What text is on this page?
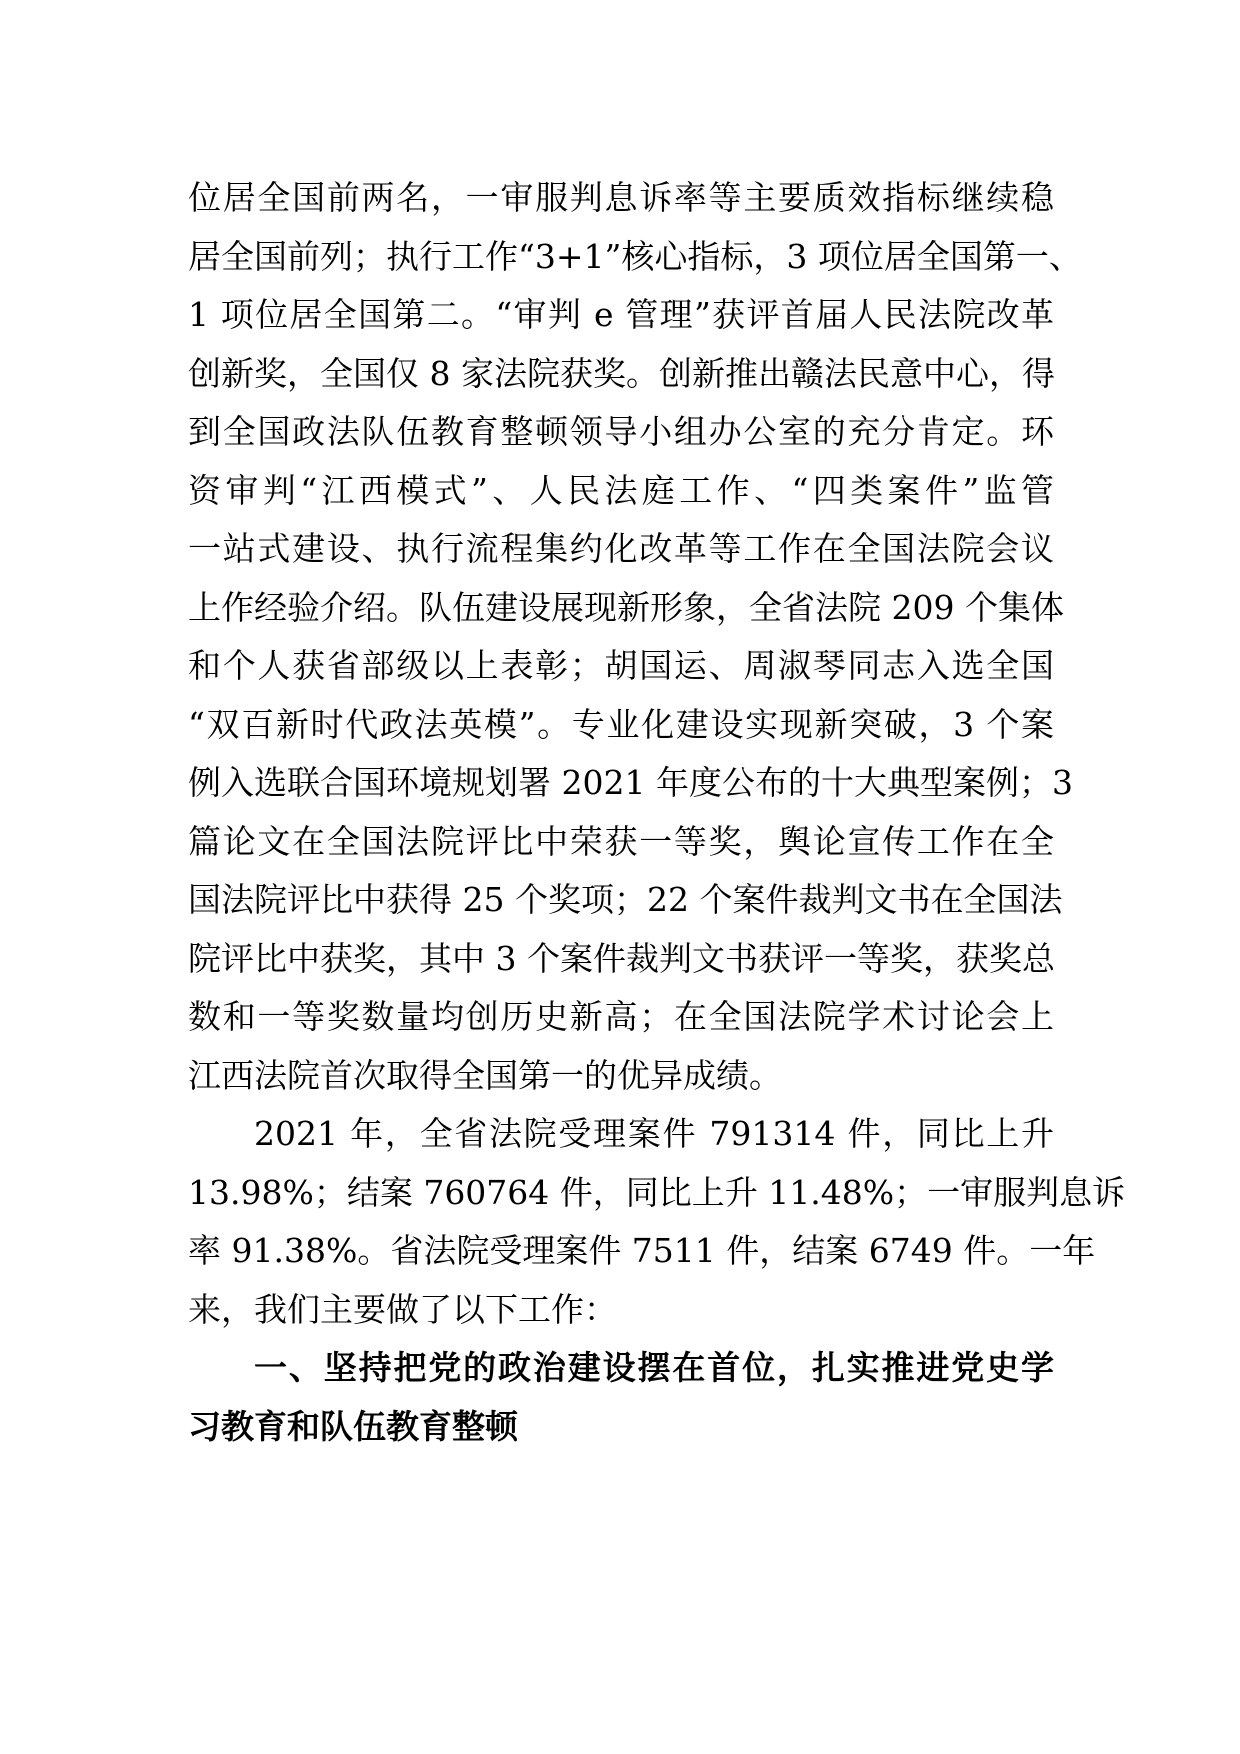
位居全国前两名，一审服判息诉率等主要质效指标继续稳
居全国前列；执行工作“3+1”核心指标，3 项位居全国第一、
1 项位居全国第二。“审判 e 管理”获评首届人民法院改革
创新奖，全国仅 8 家法院获奖。创新推出赣法民意中心，得
到全国政法队伍教育整顿领导小组办公室的充分肯定。环
资审判“江西模式”、人民法庭工作、“四类案件”监管
一站式建设、执行流程集约化改革等工作在全国法院会议
上作经验介绍。队伍建设展现新形象，全省法院 209 个集体
和个人获省部级以上表彰；胡国运、周淑琴同志入选全国
“双百新时代政法英模”。专业化建设实现新突破，3 个案
例入选联合国环境规划署 2021 年度公布的十大典型案例；3
篇论文在全国法院评比中荣获一等奖，舆论宣传工作在全
国法院评比中获得 25 个奖项；22 个案件裁判文书在全国法
院评比中获奖，其中 3 个案件裁判文书获评一等奖，获奖总
数和一等奖数量均创历史新高；在全国法院学术讨论会上
江西法院首次取得全国第一的优异成绩。
2021 年，全省法院受理案件 791314 件，同比上升
13.98%；结案 760764 件，同比上升 11.48%；一审服判息诉
率 91.38%。省法院受理案件 7511 件，结案 6749 件。一年
来，我们主要做了以下工作：
一、坚持把党的政治建设摆在首位，扎实推进党史学
习教育和队伍教育整顿
